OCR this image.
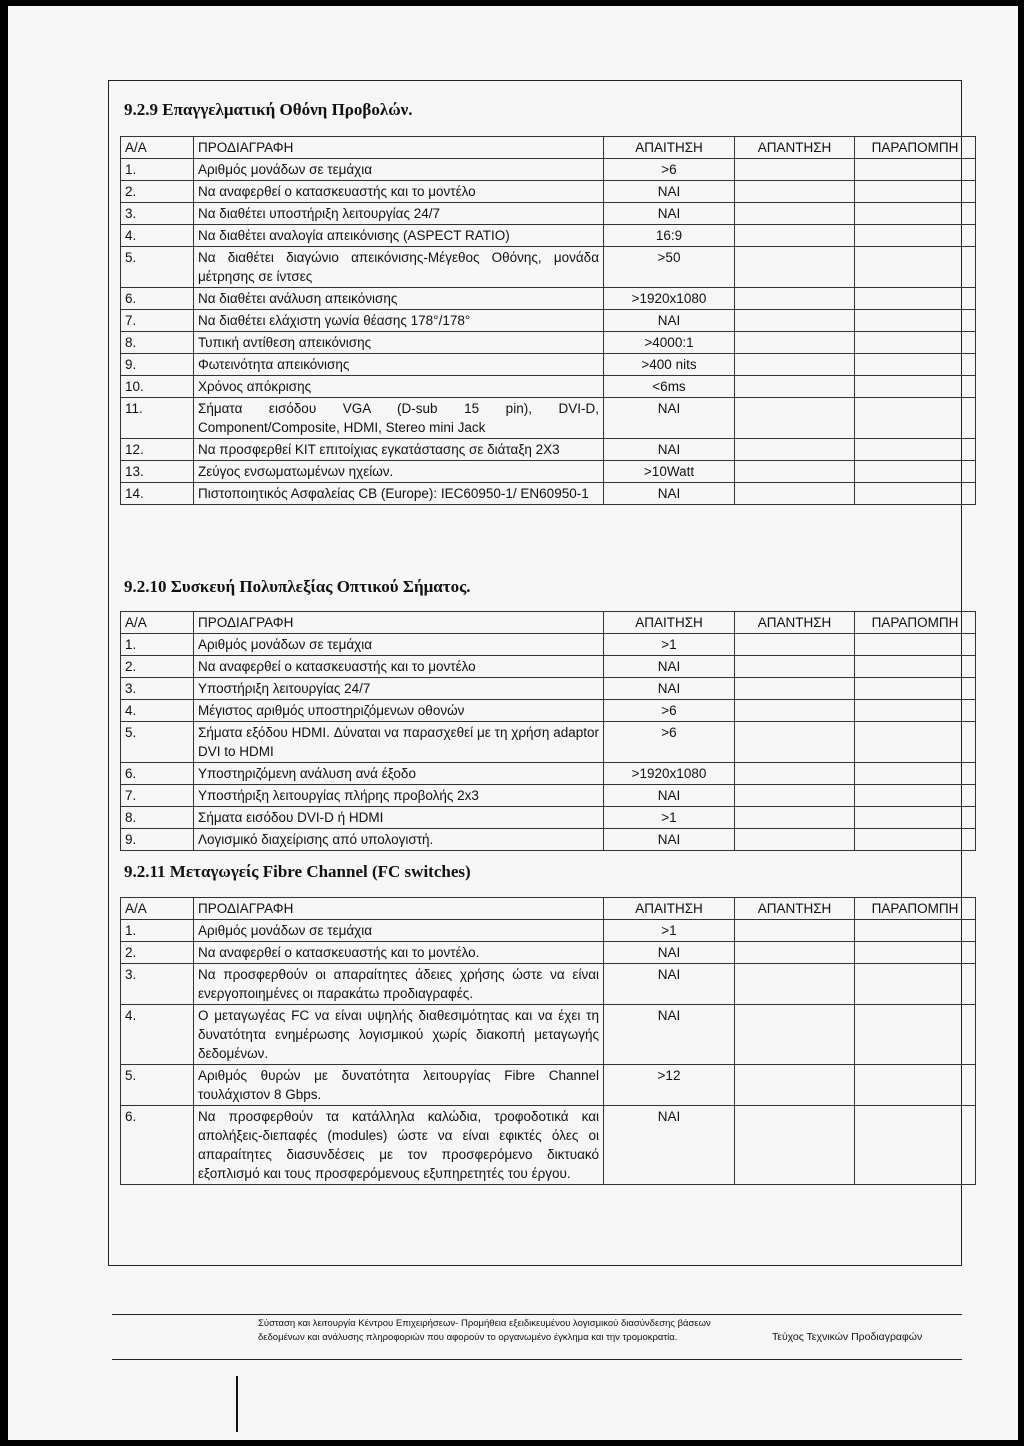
9.2.9 Επαγγελματική Οθόνη Προβολών.
Α/Α	ΠΡΟΔΙΑΓΡΑΦΗ	ΑΠΑΙΤΗΣΗ	ΑΠΑΝΤΗΣΗ	ΠΑΡΑΠΟΜΠΗ
1.	Αριθμός μονάδων σε τεμάχια	>6		
2.	Να αναφερθεί ο κατασκευαστής και το μοντέλο	ΝΑΙ		
3.	Να διαθέτει υποστήριξη λειτουργίας 24/7	ΝΑΙ		
4.	Να διαθέτει αναλογία απεικόνισης (ASPECT RATIO)	16:9		
5.	Να διαθέτει διαγώνιο απεικόνισης-Μέγεθος Οθόνης, μονάδα μέτρησης σε ίντσες	>50		
6.	Να διαθέτει ανάλυση απεικόνισης	>1920x1080		
7.	Να διαθέτει ελάχιστη γωνία θέασης 178°/178°	ΝΑΙ		
8.	Τυπική αντίθεση απεικόνισης	>4000:1		
9.	Φωτεινότητα απεικόνισης	>400 nits		
10.	Χρόνος απόκρισης	<6ms		
11.	Σήματα εισόδου VGA (D-sub 15 pin), DVI-D, Component/Composite, HDMI, Stereo mini Jack	ΝΑΙ		
12.	Να προσφερθεί KIT επιτοίχιας εγκατάστασης σε διάταξη 2X3	ΝΑΙ		
13.	Ζεύγος ενσωματωμένων ηχείων.	>10Watt		
14.	Πιστοποιητικός Ασφαλείας CB (Europe): IEC60950-1/ EN60950-1	ΝΑΙ		
9.2.10 Συσκευή Πολυπλεξίας Οπτικού Σήματος.
Α/Α	ΠΡΟΔΙΑΓΡΑΦΗ	ΑΠΑΙΤΗΣΗ	ΑΠΑΝΤΗΣΗ	ΠΑΡΑΠΟΜΠΗ
1.	Αριθμός μονάδων σε τεμάχια	>1		
2.	Να αναφερθεί ο κατασκευαστής και το μοντέλο	ΝΑΙ		
3.	Υποστήριξη λειτουργίας 24/7	ΝΑΙ		
4.	Μέγιστος αριθμός υποστηριζόμενων οθονών	>6		
5.	Σήματα εξόδου HDMI. Δύναται να παρασχεθεί με τη χρήση adaptor DVI to HDMI	>6		
6.	Υποστηριζόμενη ανάλυση ανά έξοδο	>1920x1080		
7.	Υποστήριξη λειτουργίας πλήρης προβολής 2x3	ΝΑΙ		
8.	Σήματα εισόδου DVI-D ή HDMI	>1		
9.	Λογισμικό διαχείρισης από υπολογιστή.	ΝΑΙ		
9.2.11 Μεταγωγείς Fibre Channel (FC switches)
Α/Α	ΠΡΟΔΙΑΓΡΑΦΗ	ΑΠΑΙΤΗΣΗ	ΑΠΑΝΤΗΣΗ	ΠΑΡΑΠΟΜΠΗ
1.	Αριθμός μονάδων σε τεμάχια	>1		
2.	Να αναφερθεί ο κατασκευαστής και το μοντέλο.	ΝΑΙ		
3.	Να προσφερθούν οι απαραίτητες άδειες χρήσης ώστε να είναι ενεργοποιημένες οι παρακάτω προδιαγραφές.	ΝΑΙ		
4.	Ο μεταγωγέας FC να είναι υψηλής διαθεσιμότητας και να έχει τη δυνατότητα ενημέρωσης λογισμικού χωρίς διακοπή μεταγωγής δεδομένων.	ΝΑΙ		
5.	Αριθμός θυρών με δυνατότητα λειτουργίας Fibre Channel τουλάχιστον 8 Gbps.	>12		
6.	Να προσφερθούν τα κατάλληλα καλώδια, τροφοδοτικά και απολήξεις-διεπαφές (modules) ώστε να είναι εφικτές όλες οι απαραίτητες διασυνδέσεις με τον προσφερόμενο δικτυακό εξοπλισμό και τους προσφερόμενους εξυπηρετητές του έργου.	ΝΑΙ		
Σύσταση και λειτουργία Κέντρου Επιχειρήσεων- Προμήθεια εξειδικευμένου λογισμικού διασύνδεσης βάσεων δεδομένων και ανάλυσης πληροφοριών που αφορούν το οργανωμένο έγκλημα και την τρομοκρατία.	Τεύχος Τεχνικών Προδιαγραφών
